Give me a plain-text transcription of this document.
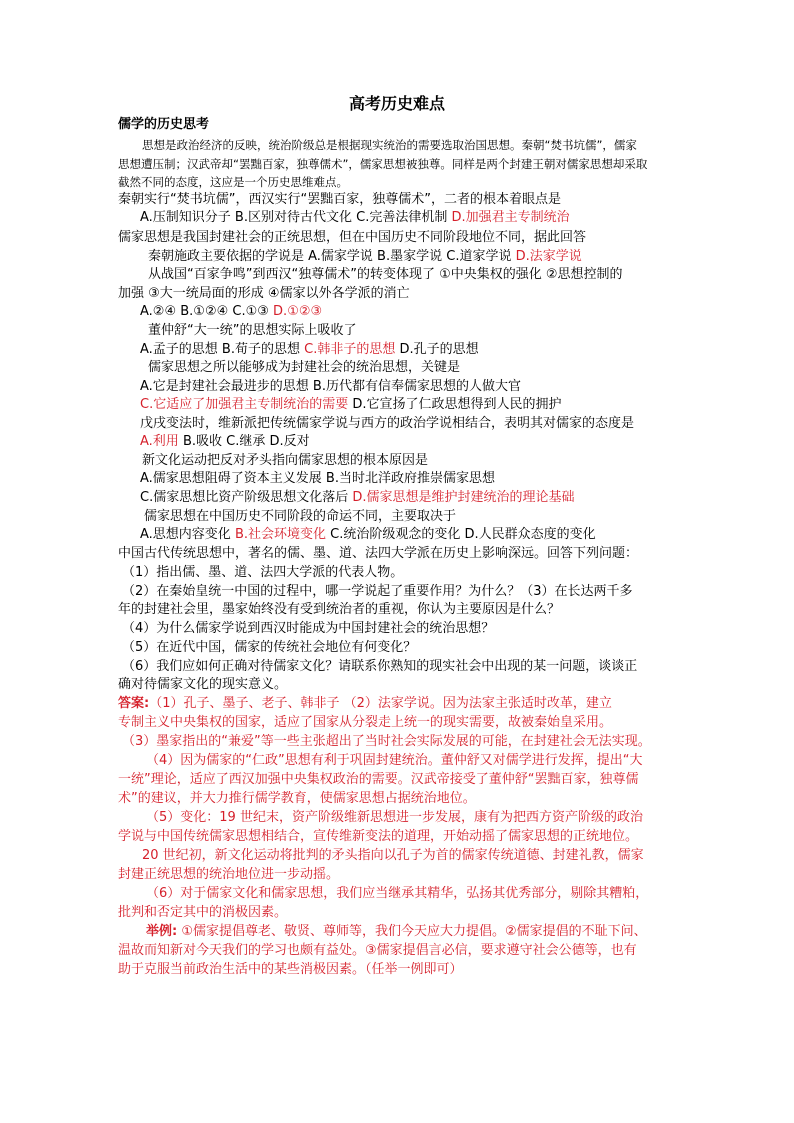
高考历史难点
儒学的历史思考
思想是政治经济的反映，统治阶级总是根据现实统治的需要选取治国思想。秦朝“焚书坑儒”，儒家
思想遭压制；汉武帝却“罢黜百家，独尊儒术”，儒家思想被独尊。同样是两个封建王朝对儒家思想却采取
截然不同的态度，这应是一个历史思维难点。
秦朝实行“焚书坑儒”，西汉实行“罢黜百家，独尊儒术”，二者的根本着眼点是
A.压制知识分子 B.区别对待古代文化 C.完善法律机制 D.加强君主专制统治
儒家思想是我国封建社会的正统思想，但在中国历史不同阶段地位不同，据此回答
秦朝施政主要依据的学说是 A.儒家学说 B.墨家学说 C.道家学说 D.法家学说
从战国“百家争鸣”到西汉“独尊儒术”的转变体现了 ①中央集权的强化 ②思想控制的
加强 ③大一统局面的形成 ④儒家以外各学派的消亡
A.②④ B.①②④ C.①③ D.①②③
董仲舒“大一统”的思想实际上吸收了
A.孟子的思想 B.荀子的思想 C.韩非子的思想 D.孔子的思想
儒家思想之所以能够成为封建社会的统治思想，关键是
A.它是封建社会最进步的思想 B.历代都有信奉儒家思想的人做大官
C.它适应了加强君主专制统治的需要 D.它宣扬了仁政思想得到人民的拥护
戊戌变法时，维新派把传统儒家学说与西方的政治学说相结合，表明其对儒家的态度是
A.利用 B.吸收 C.继承 D.反对
新文化运动把反对矛头指向儒家思想的根本原因是
A.儒家思想阻碍了资本主义发展 B.当时北洋政府推崇儒家思想
C.儒家思想比资产阶级思想文化落后 D.儒家思想是维护封建统治的理论基础
儒家思想在中国历史不同阶段的命运不同，主要取决于
A.思想内容变化 B.社会环境变化 C.统治阶级观念的变化 D.人民群众态度的变化
中国古代传统思想中，著名的儒、墨、道、法四大学派在历史上影响深远。回答下列问题：
（1）指出儒、墨、道、法四大学派的代表人物。
（2）在秦始皇统一中国的过程中，哪一学说起了重要作用？为什么？（3）在长达两千多
年的封建社会里，墨家始终没有受到统治者的重视，你认为主要原因是什么？
（4）为什么儒家学说到西汉时能成为中国封建社会的统治思想？
（5）在近代中国，儒家的传统社会地位有何变化？
（6）我们应如何正确对待儒家文化？请联系你熟知的现实社会中出现的某一问题，谈谈正
确对待儒家文化的现实意义。
答案:（1）孔子、墨子、老子、韩非子 （2）法家学说。因为法家主张适时改革，建立
专制主义中央集权的国家，适应了国家从分裂走上统一的现实需要，故被秦始皇采用。
（3）墨家指出的“兼爱”等一些主张超出了当时社会实际发展的可能，在封建社会无法实现。
（4）因为儒家的“仁政”思想有利于巩固封建统治。董仲舒又对儒学进行发挥，提出“大
一统”理论，适应了西汉加强中央集权政治的需要。汉武帝接受了董仲舒“罢黜百家，独尊儒
术”的建议，并大力推行儒学教育，使儒家思想占据统治地位。
（5）变化：19 世纪末，资产阶级维新思想进一步发展，康有为把西方资产阶级的政治
学说与中国传统儒家思想相结合，宣传维新变法的道理，开始动摇了儒家思想的正统地位。
20 世纪初，新文化运动将批判的矛头指向以孔子为首的儒家传统道德、封建礼教，儒家
封建正统思想的统治地位进一步动摇。
（6）对于儒家文化和儒家思想，我们应当继承其精华，弘扬其优秀部分，剔除其糟粕，
批判和否定其中的消极因素。
举例: ①儒家提倡尊老、敬贤、尊师等，我们今天应大力提倡。②儒家提倡的不耻下问、
温故而知新对今天我们的学习也颇有益处。③儒家提倡言必信，要求遵守社会公德等，也有
助于克服当前政治生活中的某些消极因素。（任举一例即可）
